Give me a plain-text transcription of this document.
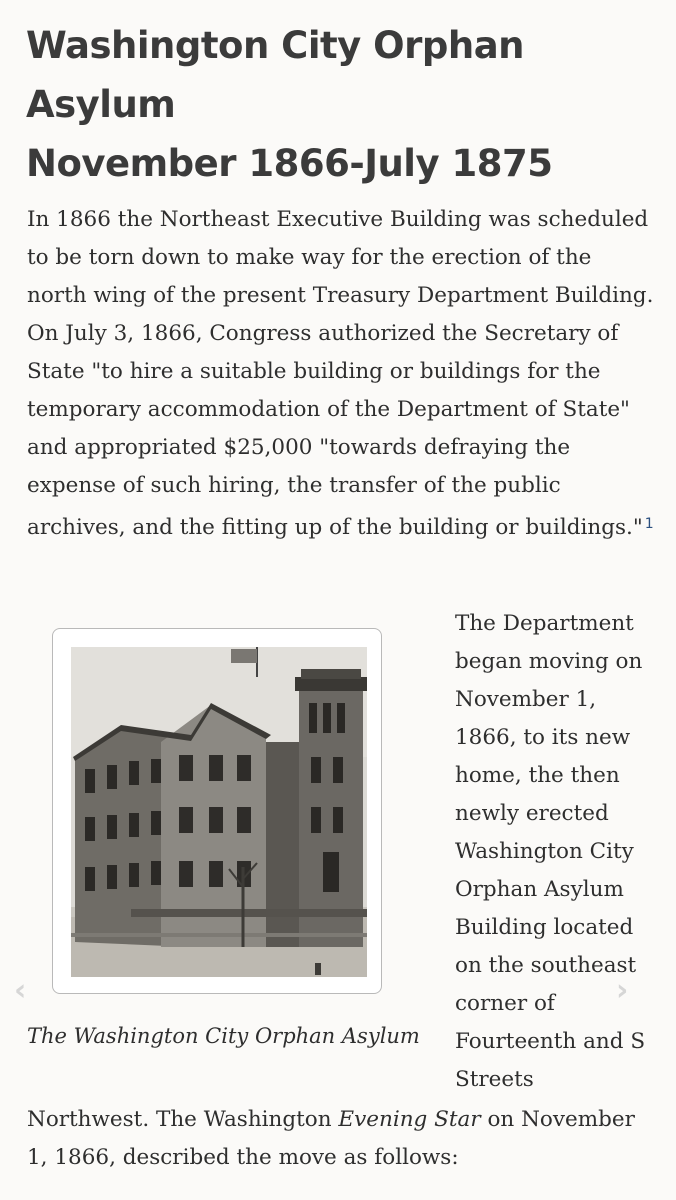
Washington City Orphan
Asylum
November 1866-July 1875

In 1866 the Northeast Executive Building was scheduled to be torn down to make way for the erection of the north wing of the present Treasury Department Building. On July 3, 1866, Congress authorized the Secretary of State "to hire a suitable building or buildings for the temporary accommodation of the Department of State" and appropriated $25,000 "towards defraying the expense of such hiring, the transfer of the public archives, and the fitting up of the building or buildings." $^1$

‹	›
The Washington City Orphan Asylum
The Department
began moving on
November 1,
1866, to its new
home, the then
newly erected
Washington City
Orphan Asylum
Building located
on the southeast
corner of
Fourteenth and S
Streets

Northwest. The Washington Evening Star on November 1, 1866, described the move as follows:
